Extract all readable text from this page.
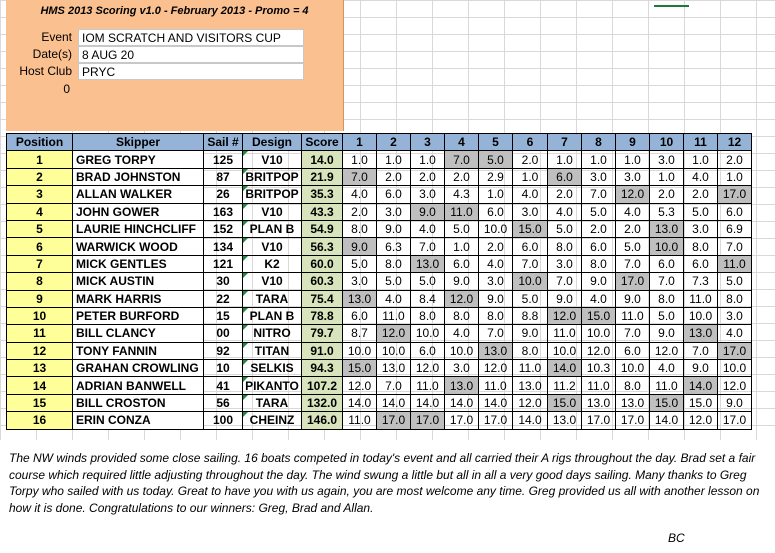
HMS 2013 Scoring v1.0 - February 2013 - Promo = 4
Event IOM SCRATCH AND VISITORS CUP
Date(s) 8 AUG 20
Host Club PRYC
0
Position	Skipper	Sail #	Design	Score	1	2	3	4	5	6	7	8	9	10	11	12
1	GREG TORPY	125	V10	14.0	1.0	1.0	1.0	7.0	5.0	2.0	1.0	1.0	1.0	3.0	1.0	2.0
2	BRAD JOHNSTON	87	BRITPOP	21.9	7.0	2.0	2.0	2.0	2.9	1.0	6.0	3.0	3.0	1.0	4.0	1.0
3	ALLAN WALKER	26	BRITPOP	35.3	4.0	6.0	3.0	4.3	1.0	4.0	2.0	7.0	12.0	2.0	2.0	17.0
4	JOHN GOWER	163	V10	43.3	2.0	3.0	9.0	11.0	6.0	3.0	4.0	5.0	4.0	5.3	5.0	6.0
5	LAURIE HINCHCLIFF	152	PLAN B	54.9	8.0	9.0	4.0	5.0	10.0	15.0	5.0	2.0	2.0	13.0	3.0	6.9
6	WARWICK WOOD	134	V10	56.3	9.0	6.3	7.0	1.0	2.0	6.0	8.0	6.0	5.0	10.0	8.0	7.0
7	MICK GENTLES	121	K2	60.0	5.0	8.0	13.0	6.0	4.0	7.0	3.0	8.0	7.0	6.0	6.0	11.0
8	MICK AUSTIN	30	V10	60.3	3.0	5.0	5.0	9.0	3.0	10.0	7.0	9.0	17.0	7.0	7.3	5.0
9	MARK HARRIS	22	TARA	75.4	13.0	4.0	8.4	12.0	9.0	5.0	9.0	4.0	9.0	8.0	11.0	8.0
10	PETER BURFORD	15	PLAN B	78.8	6.0	11.0	8.0	8.0	8.0	8.8	12.0	15.0	11.0	5.0	10.0	3.0
11	BILL CLANCY	00	NITRO	79.7	8.7	12.0	10.0	4.0	7.0	9.0	11.0	10.0	7.0	9.0	13.0	4.0
12	TONY FANNIN	92	TITAN	91.0	10.0	10.0	6.0	10.0	13.0	8.0	10.0	12.0	6.0	12.0	7.0	17.0
13	GRAHAN CROWLING	10	SELKIS	94.3	15.0	13.0	12.0	3.0	12.0	11.0	14.0	10.3	10.0	4.0	9.0	10.0
14	ADRIAN BANWELL	41	PIKANTO	107.2	12.0	7.0	11.0	13.0	11.0	13.0	11.2	11.0	8.0	11.0	14.0	12.0
15	BILL CROSTON	56	TARA	132.0	14.0	14.0	14.0	14.0	14.0	12.0	15.0	13.0	13.0	15.0	15.0	9.0
16	ERIN CONZA	100	CHEINZ	146.0	11.0	17.0	17.0	17.0	17.0	14.0	13.0	17.0	17.0	14.0	12.0	17.0

The NW winds provided some close sailing. 16 boats competed in today's event and all carried their A rigs throughout the day. Brad set a fair course which required little adjusting throughout the day. The wind swung a little but all in all a very good days sailing. Many thanks to Greg Torpy who sailed with us today. Great to have you with us again, you are most welcome any time. Greg provided us all with another lesson on how it is done. Congratulations to our winners: Greg, Brad and Allan.

BC
